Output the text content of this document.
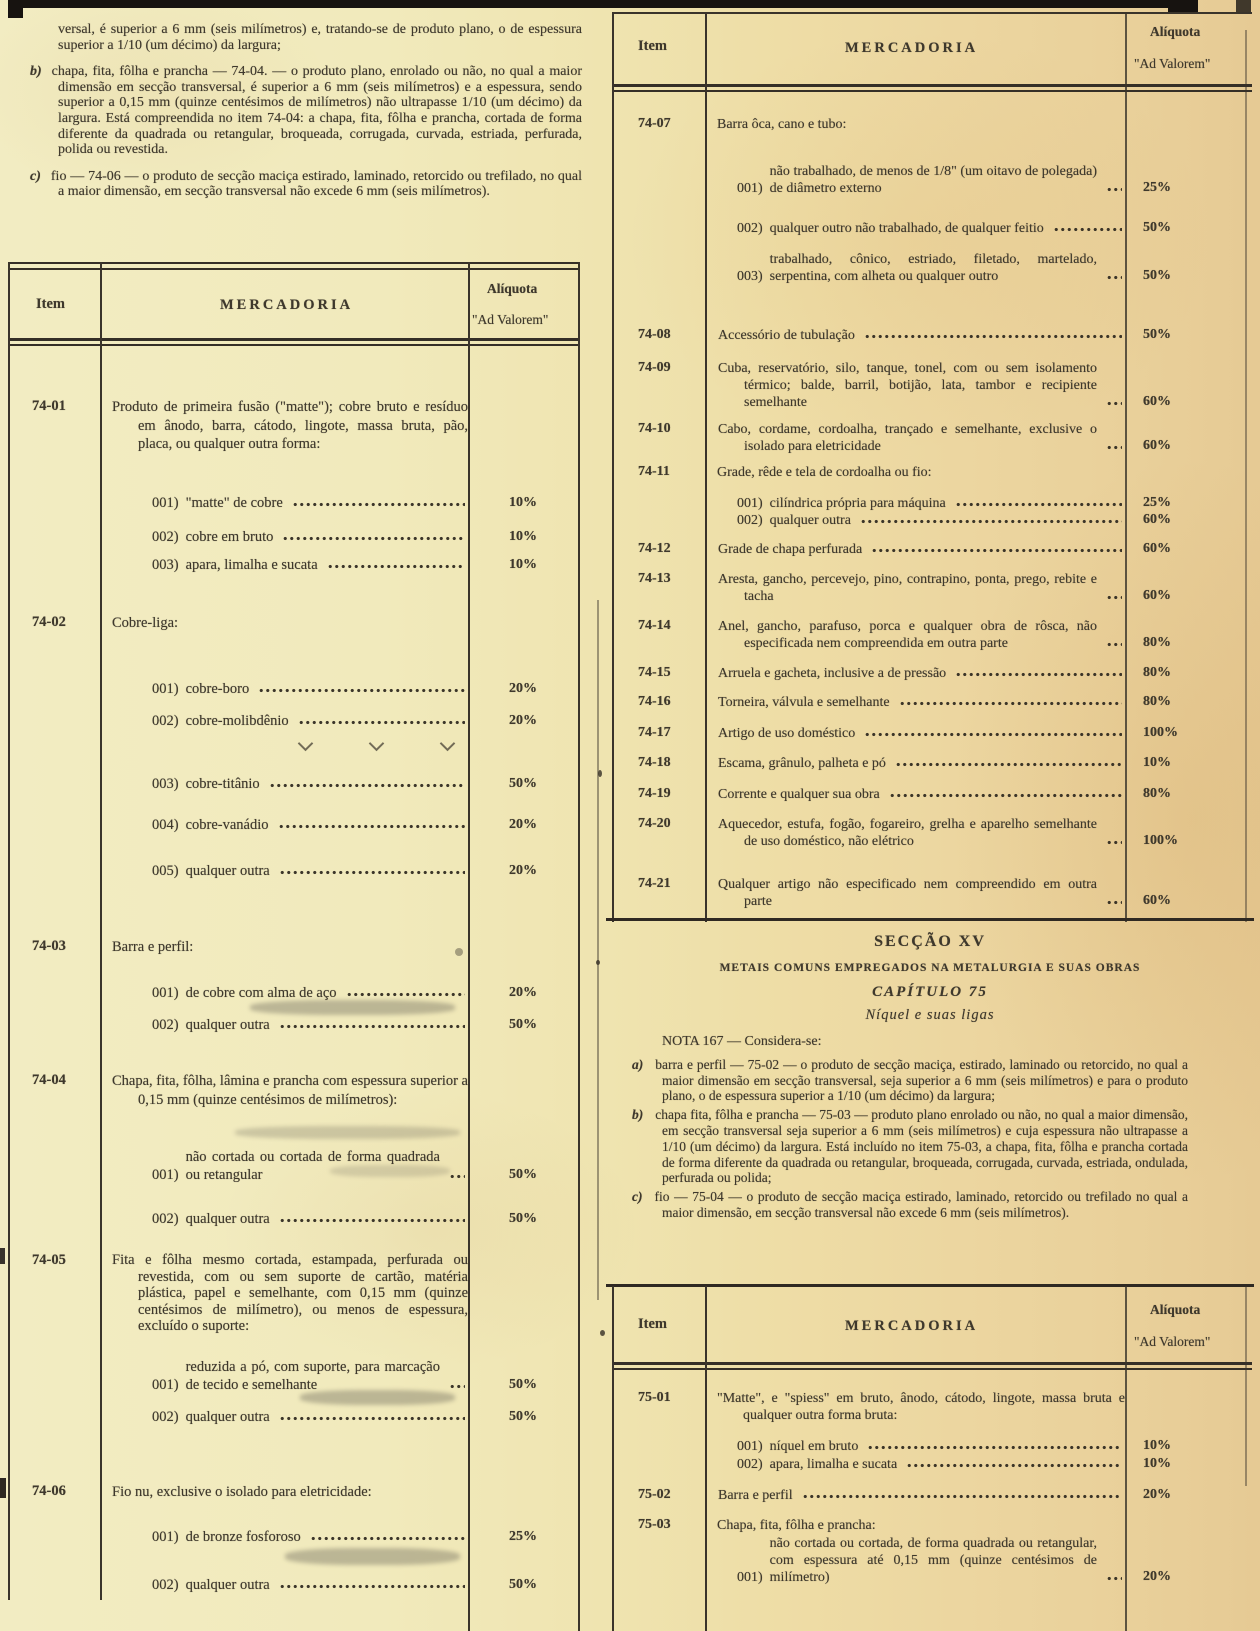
versal, é superior a 6 mm (seis milímetros) e, tratando-se de produto plano, o de espessura superior a 1/10 (um décimo) da largura;

b) chapa, fita, fôlha e prancha — 74-04. — o produto plano, enrolado ou não, no qual a maior dimensão em secção transversal, é superior a 6 mm (seis milímetros) e a espessura, sendo superior a 0,15 mm (quinze centésimos de milímetros) não ultrapasse 1/10 (um décimo) da largura. Está compreendida no item 74-04: a chapa, fita, fôlha e prancha, cortada de forma diferente da quadrada ou retangular, broqueada, corrugada, curvada, estriada, perfurada, polida ou revestida.

c) fio — 74-06 — o produto de secção maciça estirado, laminado, retorcido ou trefilado, no qual a maior dimensão, em secção transversal não excede 6 mm (seis milímetros).

Item	MERCADORIA
Alíquota
"Ad Valorem"
74-01	Produto de primeira fusão ("matte"); cobre bruto e resíduo em ânodo, barra, cátodo, lingote, massa bruta, pão, placa, ou qualquer outra forma:
001) "matte" de cobre	10%
002) cobre em bruto	10%
003) apara, limalha e sucata	10%
74-02	Cobre-liga:
001) cobre-boro	20%
002) cobre-molibdênio	20%
003) cobre-titânio	50%
004) cobre-vanádio	20%
005) qualquer outra	20%
74-03	Barra e perfil:
001) de cobre com alma de aço	20%
002) qualquer outra	50%
74-04	Chapa, fita, fôlha, lâmina e prancha com espessura superior a 0,15 mm (quinze centésimos de milímetros):
001)
não cortada ou cortada de forma quadrada ou retangular	50%
002) qualquer outra	50%
74-05	Fita e fôlha mesmo cortada, estampada, perfurada ou revestida, com ou sem suporte de cartão, matéria plástica, papel e semelhante, com 0,15 mm (quinze centésimos de milímetro), ou menos de espessura, excluído o suporte:
001)
reduzida a pó, com suporte, para marcação de tecido e semelhante	50%
002) qualquer outra	50%
74-06	Fio nu, exclusive o isolado para eletricidade:
001) de bronze fosforoso	25%
002) qualquer outra	50%
Item	MERCADORIA
Alíquota
"Ad Valorem"
74-07	Barra ôca, cano e tubo:
001)
não trabalhado, de menos de 1/8" (um oitavo de polegada) de diâmetro externo	25%
002) qualquer outro não trabalhado, de qualquer feitio	50%
003)
trabalhado, cônico, estriado, filetado, martelado, serpentina, com alheta ou qualquer outro	50%
74-08	Accessório de tubulação	50%
74-09	Cuba, reservatório, silo, tanque, tonel, com ou sem isolamento térmico; balde, barril, botijão, lata, tambor e recipiente semelhante	60%
74-10	Cabo, cordame, cordoalha, trançado e semelhante, exclusive o isolado para eletricidade	60%
74-11	Grade, rêde e tela de cordoalha ou fio:
001) cilíndrica própria para máquina	25%
002) qualquer outra	60%
74-12	Grade de chapa perfurada	60%
74-13	Aresta, gancho, percevejo, pino, contrapino, ponta, prego, rebite e tacha	60%
74-14	Anel, gancho, parafuso, porca e qualquer obra de rôsca, não especificada nem compreendida em outra parte	80%
74-15	Arruela e gacheta, inclusive a de pressão	80%
74-16	Torneira, válvula e semelhante	80%
74-17	Artigo de uso doméstico	100%
74-18	Escama, grânulo, palheta e pó	10%
74-19	Corrente e qualquer sua obra	80%
74-20	Aquecedor, estufa, fogão, fogareiro, grelha e aparelho semelhante de uso doméstico, não elétrico	100%
74-21	Qualquer artigo não especificado nem compreendido em outra parte	60%
SECÇÃO XV
METAIS COMUNS EMPREGADOS NA METALURGIA E SUAS OBRAS
CAPÍTULO 75
Níquel e suas ligas

NOTA 167 — Considera-se:

a) barra e perfil — 75-02 — o produto de secção maciça, estirado, laminado ou retorcido, no qual a maior dimensão em secção transversal, seja superior a 6 mm (seis milímetros) e para o produto plano, o de espessura superior a 1/10 (um décimo) da largura;

b) chapa fita, fôlha e prancha — 75-03 — produto plano enrolado ou não, no qual a maior dimensão, em secção transversal seja superior a 6 mm (seis milímetros) e cuja espessura não ultrapasse a 1/10 (um décimo) da largura. Está incluído no item 75-03, a chapa, fita, fôlha e prancha cortada de forma diferente da quadrada ou retangular, broqueada, corrugada, curvada, estriada, ondulada, perfurada ou polida;

c) fio — 75-04 — o produto de secção maciça estirado, laminado, retorcido ou trefilado no qual a maior dimensão, em secção transversal não excede 6 mm (seis milímetros).

Item	MERCADORIA
Alíquota
"Ad Valorem"
75-01	"Matte", e "spiess" em bruto, ânodo, cátodo, lingote, massa bruta e qualquer outra forma bruta:
001) níquel em bruto	10%
002) apara, limalha e sucata	10%
75-02	Barra e perfil	20%
75-03	Chapa, fita, fôlha e prancha:
001)
não cortada ou cortada, de forma quadrada ou retangular, com espessura até 0,15 mm (quinze centésimos de milímetro)	20%
